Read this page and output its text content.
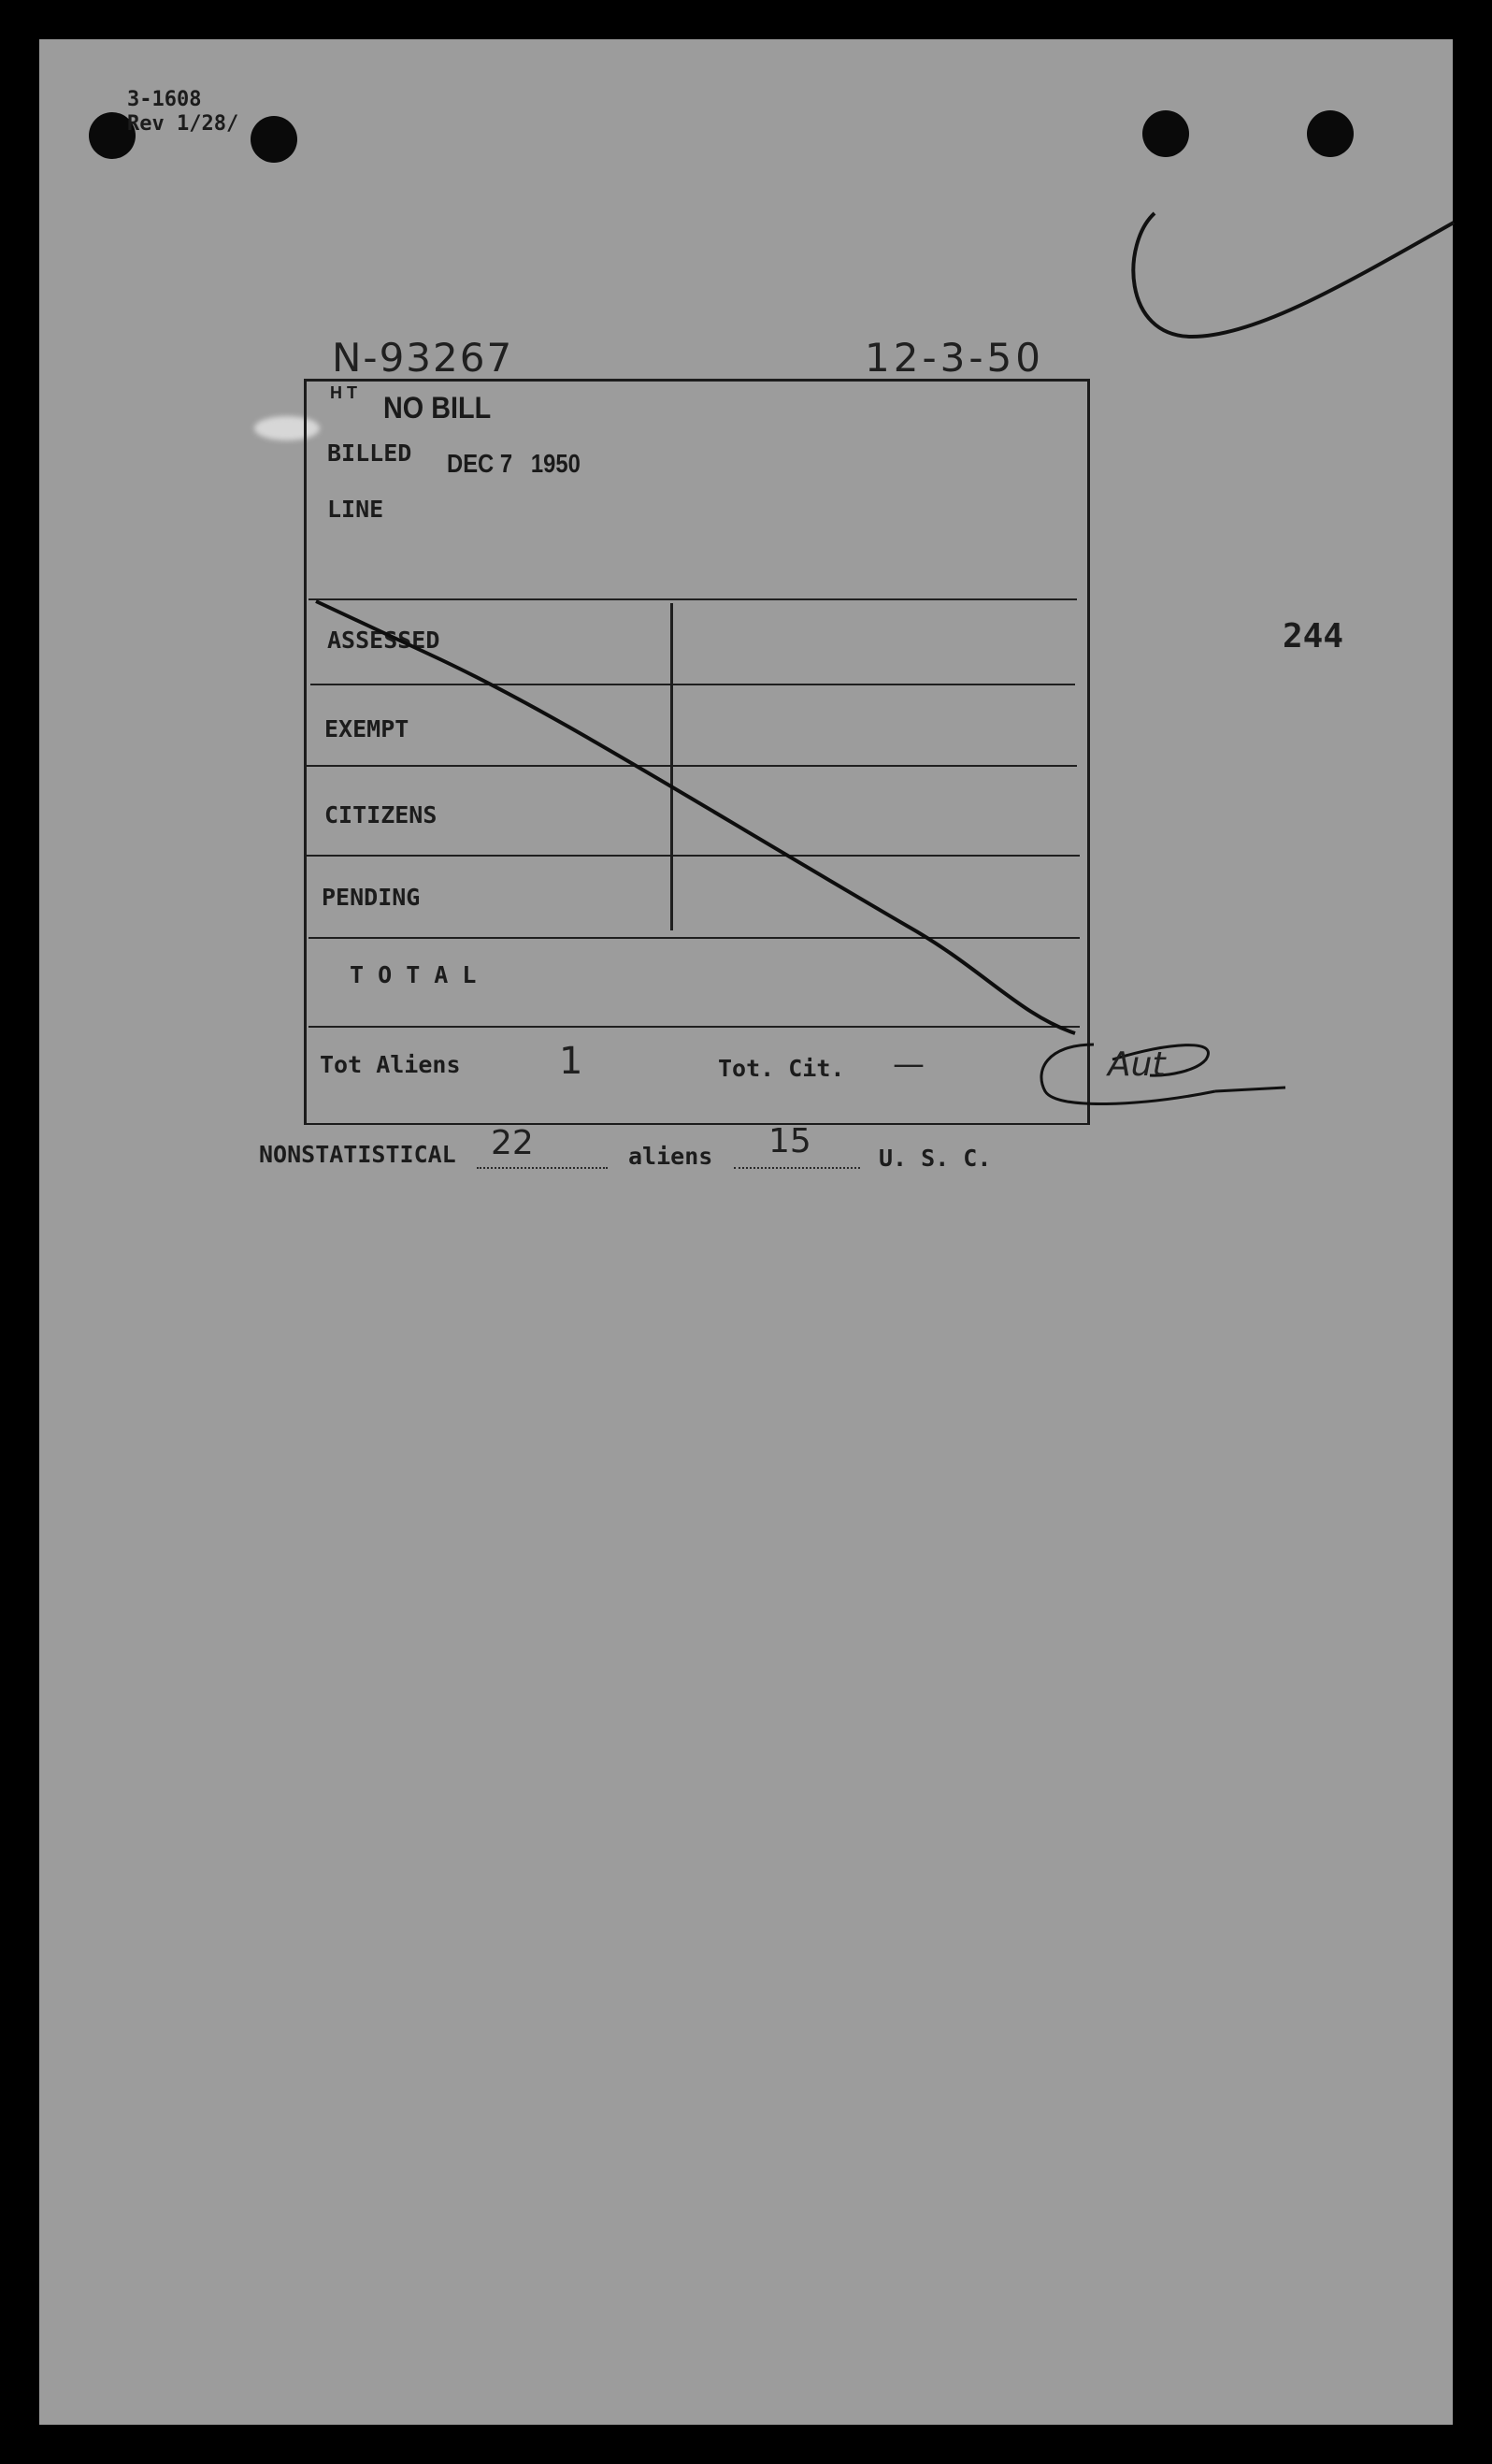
3-1608
Rev 1/28/
N-93267	12-3-50
244
H T NO BILL
DEC 7   1950
BILLED
LINE
ASSESSED
EXEMPT
CITIZENS
PENDING
T O T A L
Tot Aliens	1	Tot. Cit. —	Aut
NONSTATISTICAL 22	aliens 15	U. S. C.
